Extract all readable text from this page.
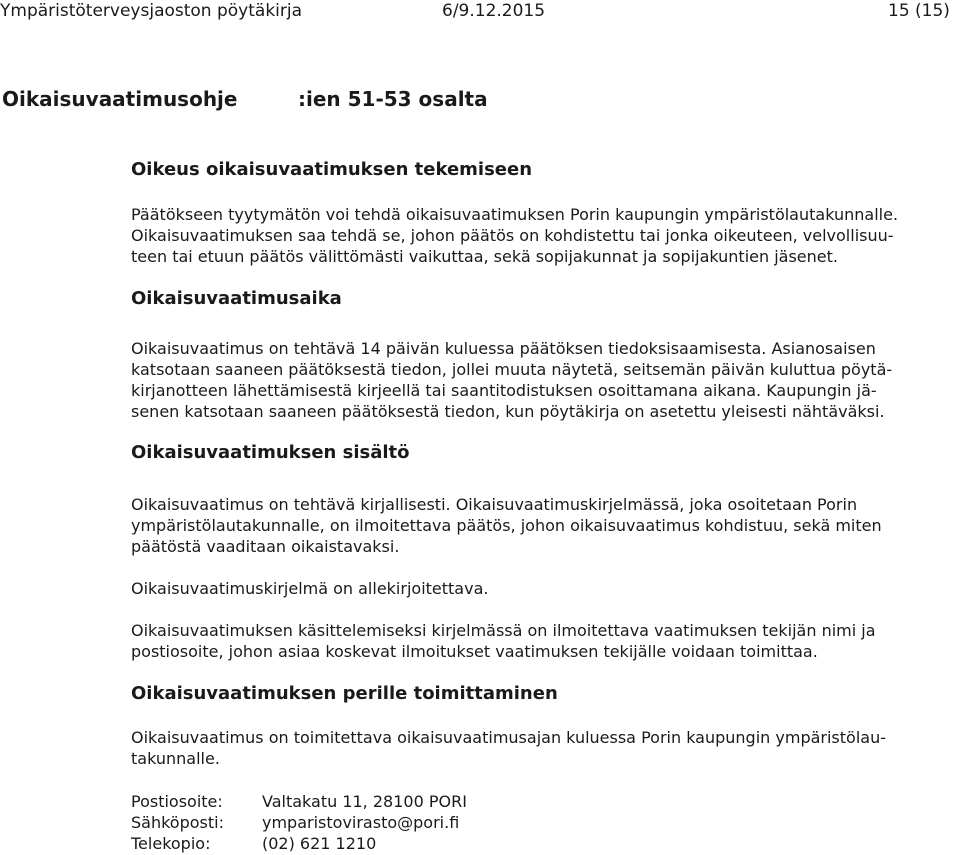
Ympäristöterveysjaoston pöytäkirja	6/9.12.2015	15 (15)
Oikaisuvaatimusohje	:ien 51-53 osalta
Oikeus oikaisuvaatimuksen tekemiseen
Päätökseen tyytymätön voi tehdä oikaisuvaatimuksen Porin kaupungin ympäristölautakunnalle.
Oikaisuvaatimuksen saa tehdä se, johon päätös on kohdistettu tai jonka oikeuteen, velvollisuu-
teen tai etuun päätös välittömästi vaikuttaa, sekä sopijakunnat ja sopijakuntien jäsenet.
Oikaisuvaatimusaika
Oikaisuvaatimus on tehtävä 14 päivän kuluessa päätöksen tiedoksisaamisesta. Asianosaisen
katsotaan saaneen päätöksestä tiedon, jollei muuta näytetä, seitsemän päivän kuluttua pöytä-
kirjanotteen lähettämisestä kirjeellä tai saantitodistuksen osoittamana aikana. Kaupungin jä-
senen katsotaan saaneen päätöksestä tiedon, kun pöytäkirja on asetettu yleisesti nähtäväksi.
Oikaisuvaatimuksen sisältö
Oikaisuvaatimus on tehtävä kirjallisesti. Oikaisuvaatimuskirjelmässä, joka osoitetaan Porin
ympäristölautakunnalle, on ilmoitettava päätös, johon oikaisuvaatimus kohdistuu, sekä miten
päätöstä vaaditaan oikaistavaksi.
Oikaisuvaatimuskirjelmä on allekirjoitettava.
Oikaisuvaatimuksen käsittelemiseksi kirjelmässä on ilmoitettava vaatimuksen tekijän nimi ja
postiosoite, johon asiaa koskevat ilmoitukset vaatimuksen tekijälle voidaan toimittaa.
Oikaisuvaatimuksen perille toimittaminen
Oikaisuvaatimus on toimitettava oikaisuvaatimusajan kuluessa Porin kaupungin ympäristölau-
takunnalle.
Postiosoite: Valtakatu 11, 28100 PORI
Sähköposti: ymparistovirasto@pori.fi
Telekopio:	(02) 621 1210
